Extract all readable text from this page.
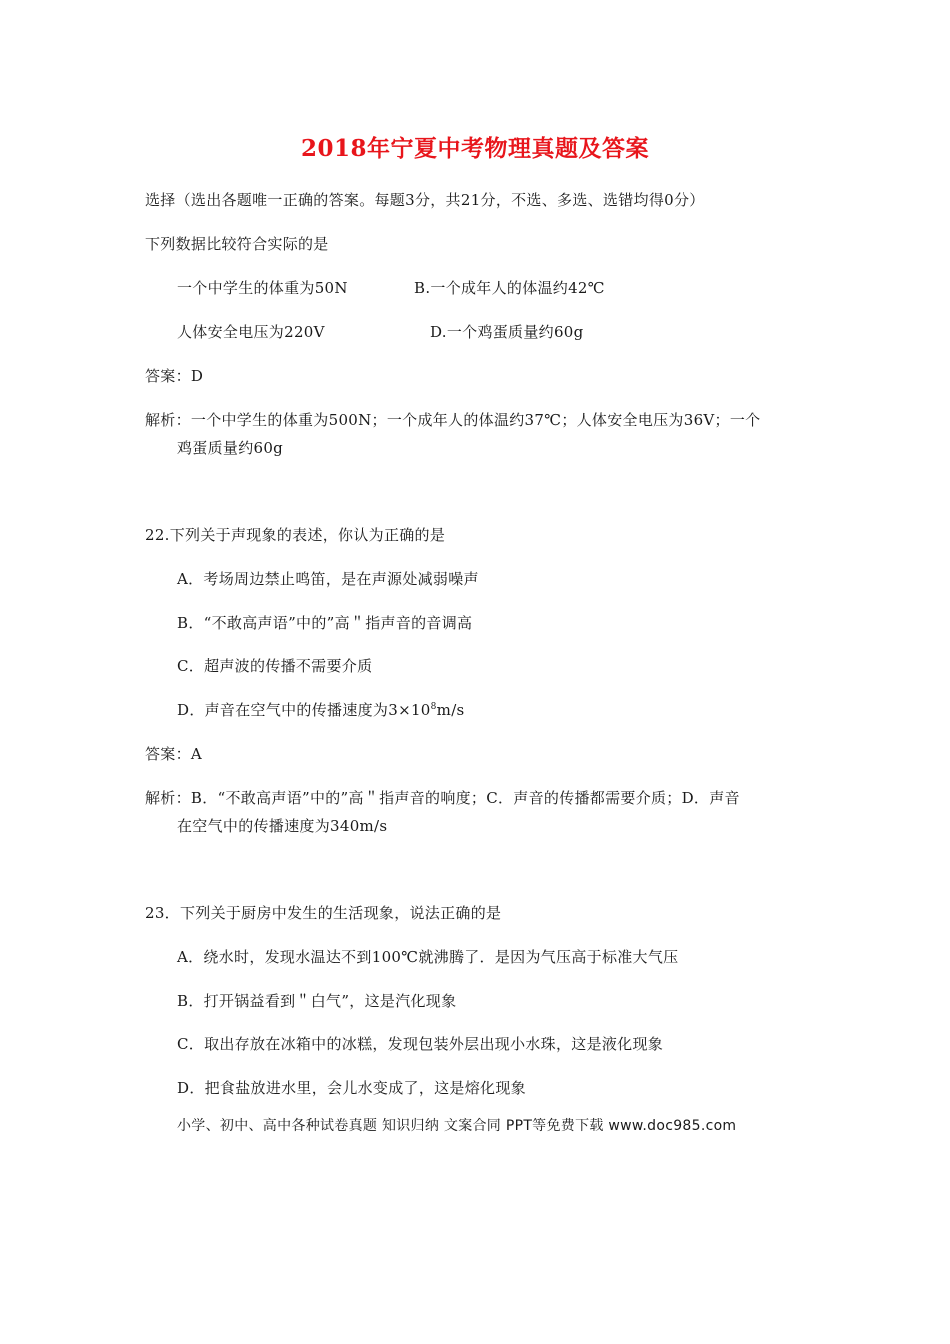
2018年宁夏中考物理真题及答案
选择（选出各题唯一正确的答案。每题3分，共21分，不选、多选、选错均得0分）
下列数据比较符合实际的是
一个中学生的体重为50N	B.一个成年人的体温约42℃
人体安全电压为220V	D.一个鸡蛋质量约60g
答案：D
解析：一个中学生的体重为500N；一个成年人的体温约37℃；人体安全电压为36V；一个
鸡蛋质量约60g
22.下列关于声现象的表述，你认为正确的是
A．考场周边禁止鸣笛，是在声源处减弱噪声
B．“不敢高声语”中的”高＂指声音的音调高
C．超声波的传播不需要介质
D．声音在空气中的传播速度为$3\times 10^8m/s$
答案：A
解析：B．“不敢高声语”中的”高＂指声音的响度；C．声音的传播都需要介质；D．声音
在空气中的传播速度为340m/s
23．下列关于厨房中发生的生活现象，说法正确的是
A．绕水时，发现水温达不到100℃就沸腾了．是因为气压高于标准大气压
B．打开锅益看到＂白气”，这是汽化现象
C．取出存放在冰箱中的冰糕，发现包装外层出现小水珠，这是液化现象
D．把食盐放进水里，会儿水变成了，这是熔化现象
小学、初中、高中各种试卷真题 知识归纳 文案合同 PPT等免费下载 www.doc985.com
